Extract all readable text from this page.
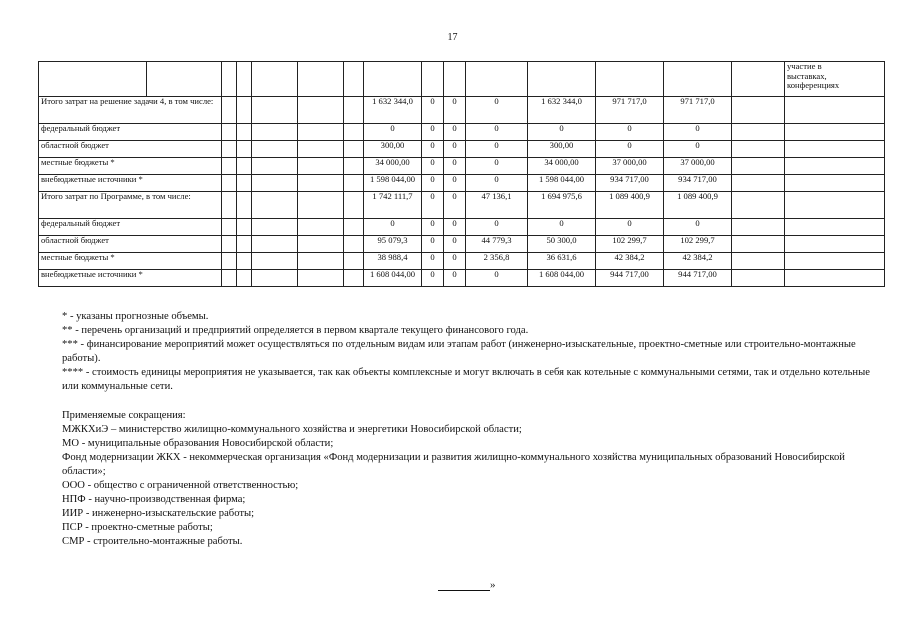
17
															участие в
выставках,
конференциях
Итого затрат на решение задачи 4, в том числе:							1 632 344,0	0	0	0	1 632 344,0	971 717,0	971 717,0		
федеральный бюджет							0	0	0	0	0	0	0		
областной бюджет							300,00	0	0	0	300,00	0	0		
местные бюджеты *							34 000,00	0	0	0	34 000,00	37 000,00	37 000,00		
внебюджетные источники *							1 598 044,00	0	0	0	1 598 044,00	934 717,00	934 717,00		
Итого затрат по Программе, в том числе:							1 742 111,7	0	0	47 136,1	1 694 975,6	1 089 400,9	1 089 400,9		
федеральный бюджет							0	0	0	0	0	0	0		
областной бюджет							95 079,3	0	0	44 779,3	50 300,0	102 299,7	102 299,7		
местные бюджеты *							38 988,4	0	0	2 356,8	36 631,6	42 384,2	42 384,2		
внебюджетные источники *							1 608 044,00	0	0	0	1 608 044,00	944 717,00	944 717,00		

* - указаны прогнозные объемы.

** - перечень организаций и предприятий определяется в первом квартале текущего финансового года.

*** - финансирование мероприятий может осуществляться по отдельным видам или этапам работ (инженерно-изыскательные, проектно-сметные или строительно-монтажные работы).

**** - стоимость единицы мероприятия не указывается, так как объекты комплексные и могут включать в себя как котельные с коммунальными сетями, так и отдельно котельные или коммунальные сети.

Применяемые сокращения:

МЖКХиЭ – министерство жилищно-коммунального хозяйства и энергетики Новосибирской области;

МО - муниципальные образования Новосибирской области;

Фонд модернизации ЖКХ - некоммерческая организация «Фонд модернизации и развития жилищно-коммунального хозяйства муниципальных образований Новосибирской области»;

ООО - общество с ограниченной ответственностью;

НПФ - научно-производственная фирма;

ИИР - инженерно-изыскательские работы;

ПСР - проектно-сметные работы;

СМР - строительно-монтажные работы.

»
